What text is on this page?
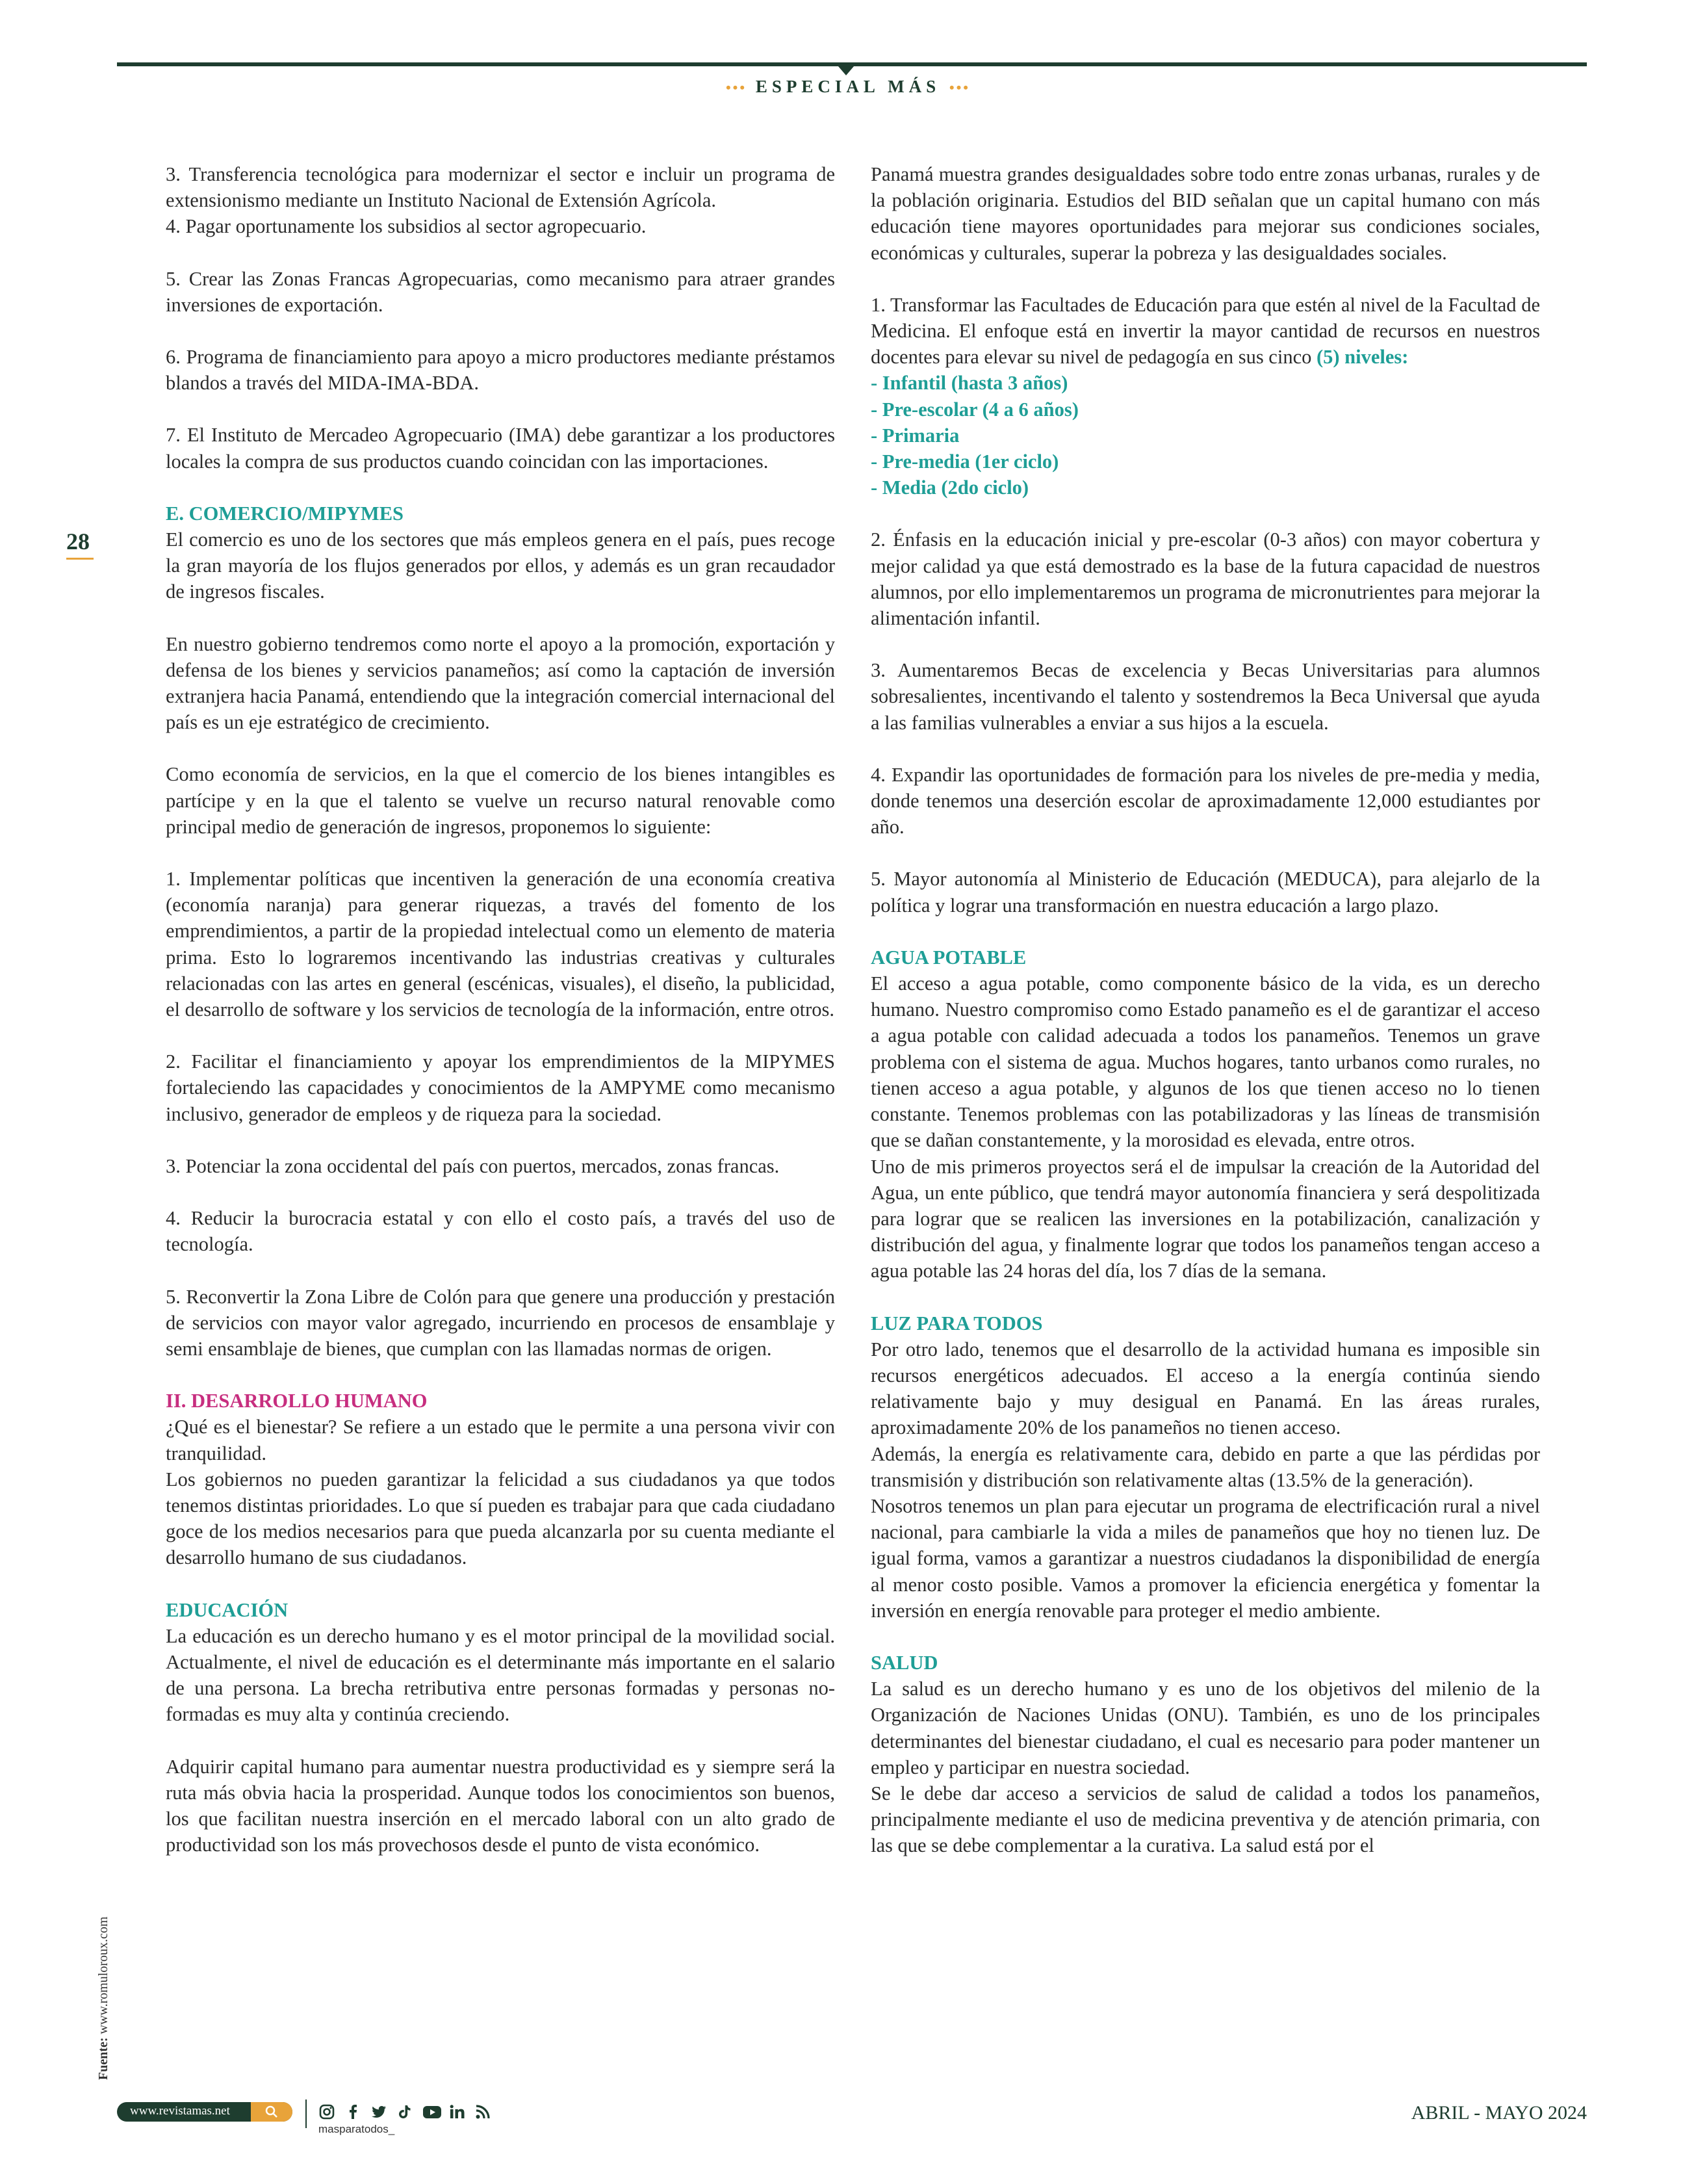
••• ESPECIAL MÁS •••
28
Fuente: www.romuloroux.com

3. Transferencia tecnológica para modernizar el sector e incluir un programa de extensionismo mediante un Instituto Nacional de Extensión Agrícola.

4. Pagar oportunamente los subsidios al sector agropecuario.

5. Crear las Zonas Francas Agropecuarias, como mecanismo para atraer grandes inversiones de exportación.

6. Programa de financiamiento para apoyo a micro productores mediante préstamos blandos a través del MIDA-IMA-BDA.

7. El Instituto de Mercadeo Agropecuario (IMA) debe garantizar a los productores locales la compra de sus productos cuando coincidan con las importaciones.

E. COMERCIO/MIPYMES

El comercio es uno de los sectores que más empleos genera en el país, pues recoge la gran mayoría de los flujos generados por ellos, y además es un gran recaudador de ingresos fiscales.

En nuestro gobierno tendremos como norte el apoyo a la promoción, exportación y defensa de los bienes y servicios panameños; así como la captación de inversión extranjera hacia Panamá, entendiendo que la integración comercial internacional del país es un eje estratégico de crecimiento.

Como economía de servicios, en la que el comercio de los bienes intangibles es partícipe y en la que el talento se vuelve un recurso natural renovable como principal medio de generación de ingresos, proponemos lo siguiente:

1. Implementar políticas que incentiven la generación de una economía creativa (economía naranja) para generar riquezas, a través del fomento de los emprendimientos, a partir de la propiedad intelectual como un elemento de materia prima. Esto lo lograremos incentivando las industrias creativas y culturales relacionadas con las artes en general (escénicas, visuales), el diseño, la publicidad, el desarrollo de software y los servicios de tecnología de la información, entre otros.

2. Facilitar el financiamiento y apoyar los emprendimientos de la MIPYMES fortaleciendo las capacidades y conocimientos de la AMPYME como mecanismo inclusivo, generador de empleos y de riqueza para la sociedad.

3. Potenciar la zona occidental del país con puertos, mercados, zonas francas.

4. Reducir la burocracia estatal y con ello el costo país, a través del uso de tecnología.

5. Reconvertir la Zona Libre de Colón para que genere una producción y prestación de servicios con mayor valor agregado, incurriendo en procesos de ensamblaje y semi ensamblaje de bienes, que cumplan con las llamadas normas de origen.

II. DESARROLLO HUMANO

¿Qué es el bienestar? Se refiere a un estado que le permite a una persona vivir con tranquilidad.

Los gobiernos no pueden garantizar la felicidad a sus ciudadanos ya que todos tenemos distintas prioridades. Lo que sí pueden es trabajar para que cada ciudadano goce de los medios necesarios para que pueda alcanzarla por su cuenta mediante el desarrollo humano de sus ciudadanos.

EDUCACIÓN

La educación es un derecho humano y es el motor principal de la movilidad social. Actualmente, el nivel de educación es el determinante más importante en el salario de una persona. La brecha retributiva entre personas formadas y personas no-formadas es muy alta y continúa creciendo.

Adquirir capital humano para aumentar nuestra productividad es y siempre será la ruta más obvia hacia la prosperidad. Aunque todos los conocimientos son buenos, los que facilitan nuestra inserción en el mercado laboral con un alto grado de productividad son los más provechosos desde el punto de vista económico.

Panamá muestra grandes desigualdades sobre todo entre zonas urbanas, rurales y de la población originaria. Estudios del BID señalan que un capital humano con más educación tiene mayores oportunidades para mejorar sus condiciones sociales, económicas y culturales, superar la pobreza y las desigualdades sociales.

1. Transformar las Facultades de Educación para que estén al nivel de la Facultad de Medicina. El enfoque está en invertir la mayor cantidad de recursos en nuestros docentes para elevar su nivel de pedagogía en sus cinco (5) niveles:

- Infantil (hasta 3 años)
- Pre-escolar (4 a 6 años)
- Primaria
- Pre-media (1er ciclo)
- Media (2do ciclo)

2. Énfasis en la educación inicial y pre-escolar (0-3 años) con mayor cobertura y mejor calidad ya que está demostrado es la base de la futura capacidad de nuestros alumnos, por ello implementaremos un programa de micronutrientes para mejorar la alimentación infantil.

3. Aumentaremos Becas de excelencia y Becas Universitarias para alumnos sobresalientes, incentivando el talento y sostendremos la Beca Universal que ayuda a las familias vulnerables a enviar a sus hijos a la escuela.

4. Expandir las oportunidades de formación para los niveles de pre-media y media, donde tenemos una deserción escolar de aproximadamente 12,000 estudiantes por año.

5. Mayor autonomía al Ministerio de Educación (MEDUCA), para alejarlo de la política y lograr una transformación en nuestra educación a largo plazo.

AGUA POTABLE

El acceso a agua potable, como componente básico de la vida, es un derecho humano. Nuestro compromiso como Estado panameño es el de garantizar el acceso a agua potable con calidad adecuada a todos los panameños. Tenemos un grave problema con el sistema de agua. Muchos hogares, tanto urbanos como rurales, no tienen acceso a agua potable, y algunos de los que tienen acceso no lo tienen constante. Tenemos problemas con las potabilizadoras y las líneas de transmisión que se dañan constantemente, y la morosidad es elevada, entre otros.

Uno de mis primeros proyectos será el de impulsar la creación de la Autoridad del Agua, un ente público, que tendrá mayor autonomía financiera y será despolitizada para lograr que se realicen las inversiones en la potabilización, canalización y distribución del agua, y finalmente lograr que todos los panameños tengan acceso a agua potable las 24 horas del día, los 7 días de la semana.

LUZ PARA TODOS

Por otro lado, tenemos que el desarrollo de la actividad humana es imposible sin recursos energéticos adecuados. El acceso a la energía continúa siendo relativamente bajo y muy desigual en Panamá. En las áreas rurales, aproximadamente 20% de los panameños no tienen acceso.

Además, la energía es relativamente cara, debido en parte a que las pérdidas por transmisión y distribución son relativamente altas (13.5% de la generación).

Nosotros tenemos un plan para ejecutar un programa de electrificación rural a nivel nacional, para cambiarle la vida a miles de panameños que hoy no tienen luz. De igual forma, vamos a garantizar a nuestros ciudadanos la disponibilidad de energía al menor costo posible. Vamos a promover la eficiencia energética y fomentar la inversión en energía renovable para proteger el medio ambiente.

SALUD

La salud es un derecho humano y es uno de los objetivos del milenio de la Organización de Naciones Unidas (ONU). También, es uno de los principales determinantes del bienestar ciudadano, el cual es necesario para poder mantener un empleo y participar en nuestra sociedad.

Se le debe dar acceso a servicios de salud de calidad a todos los panameños, principalmente mediante el uso de medicina preventiva y de atención primaria, con las que se debe complementar a la curativa. La salud está por el

www.revistamas.net
masparatodos_
ABRIL - MAYO 2024
